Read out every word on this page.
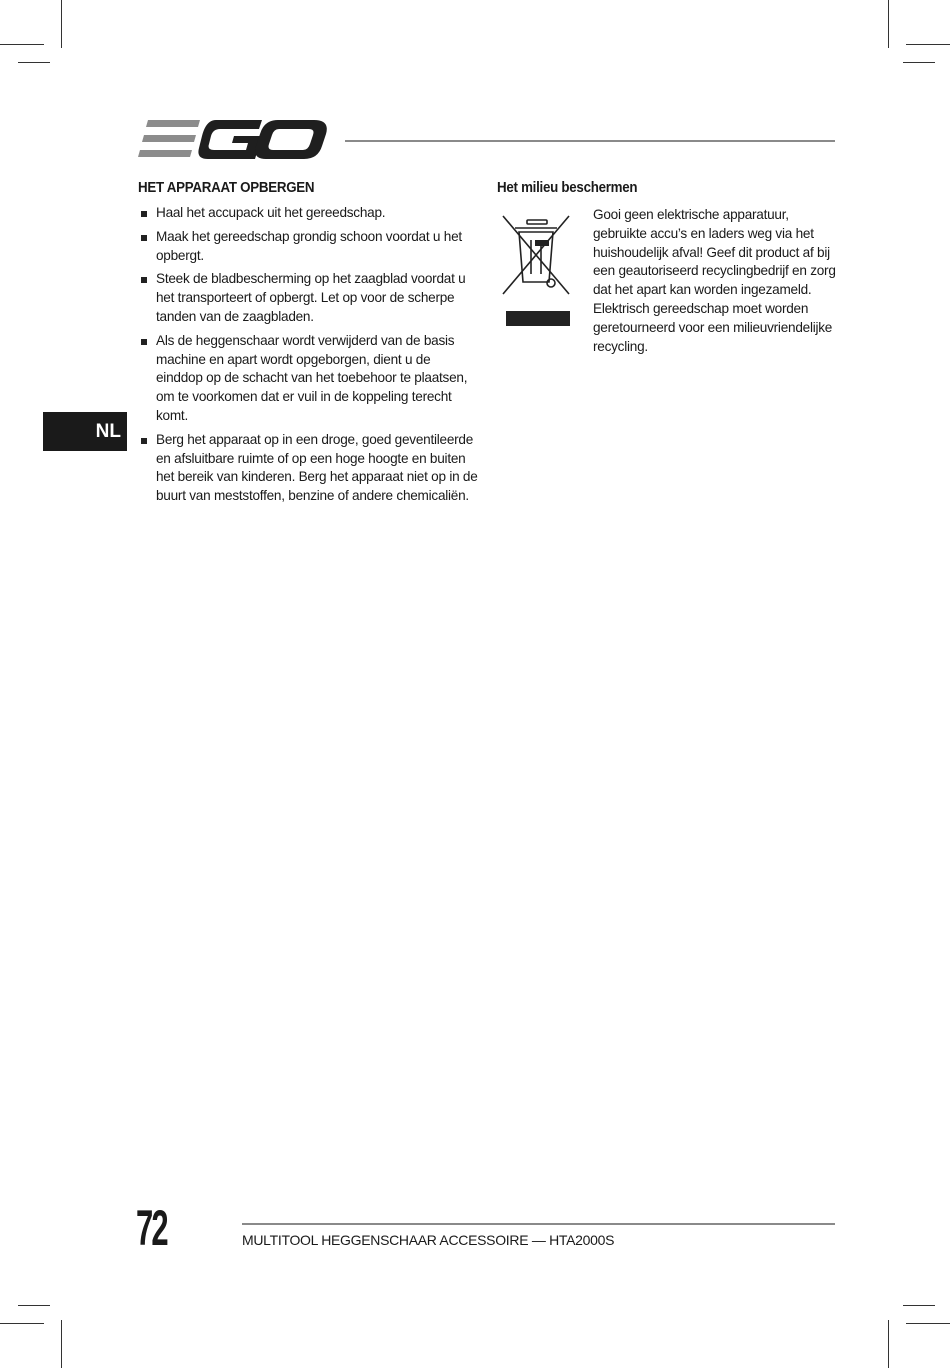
HET APPARAAT OPBERGEN
Haal het accupack uit het gereedschap.
Maak het gereedschap grondig schoon voordat u het opbergt.
Steek de bladbescherming op het zaagblad voordat u het transporteert of opbergt. Let op voor de scherpe tanden van de zaagbladen.
Als de heggenschaar wordt verwijderd van de basis machine en apart wordt opgeborgen, dient u de einddop op de schacht van het toebehoor te plaatsen, om te voorkomen dat er vuil in de koppeling terecht komt.
Berg het apparaat op in een droge, goed geventileerde en afsluitbare ruimte of op een hoge hoogte en buiten het bereik van kinderen. Berg het apparaat niet op in de buurt van meststoffen, benzine of andere chemicaliën.
Het milieu beschermen

Gooi geen elektrische apparatuur, gebruikte accu’s en laders weg via het huishoudelijk afval! Geef dit product af bij een geautoriseerd recyclingbedrijf en zorg dat het apart kan worden ingezameld. Elektrisch gereedschap moet worden geretourneerd voor een milieuvriendelijke recycling.

NL
72	MULTITOOL HEGGENSCHAAR ACCESSOIRE — HTA2000S
